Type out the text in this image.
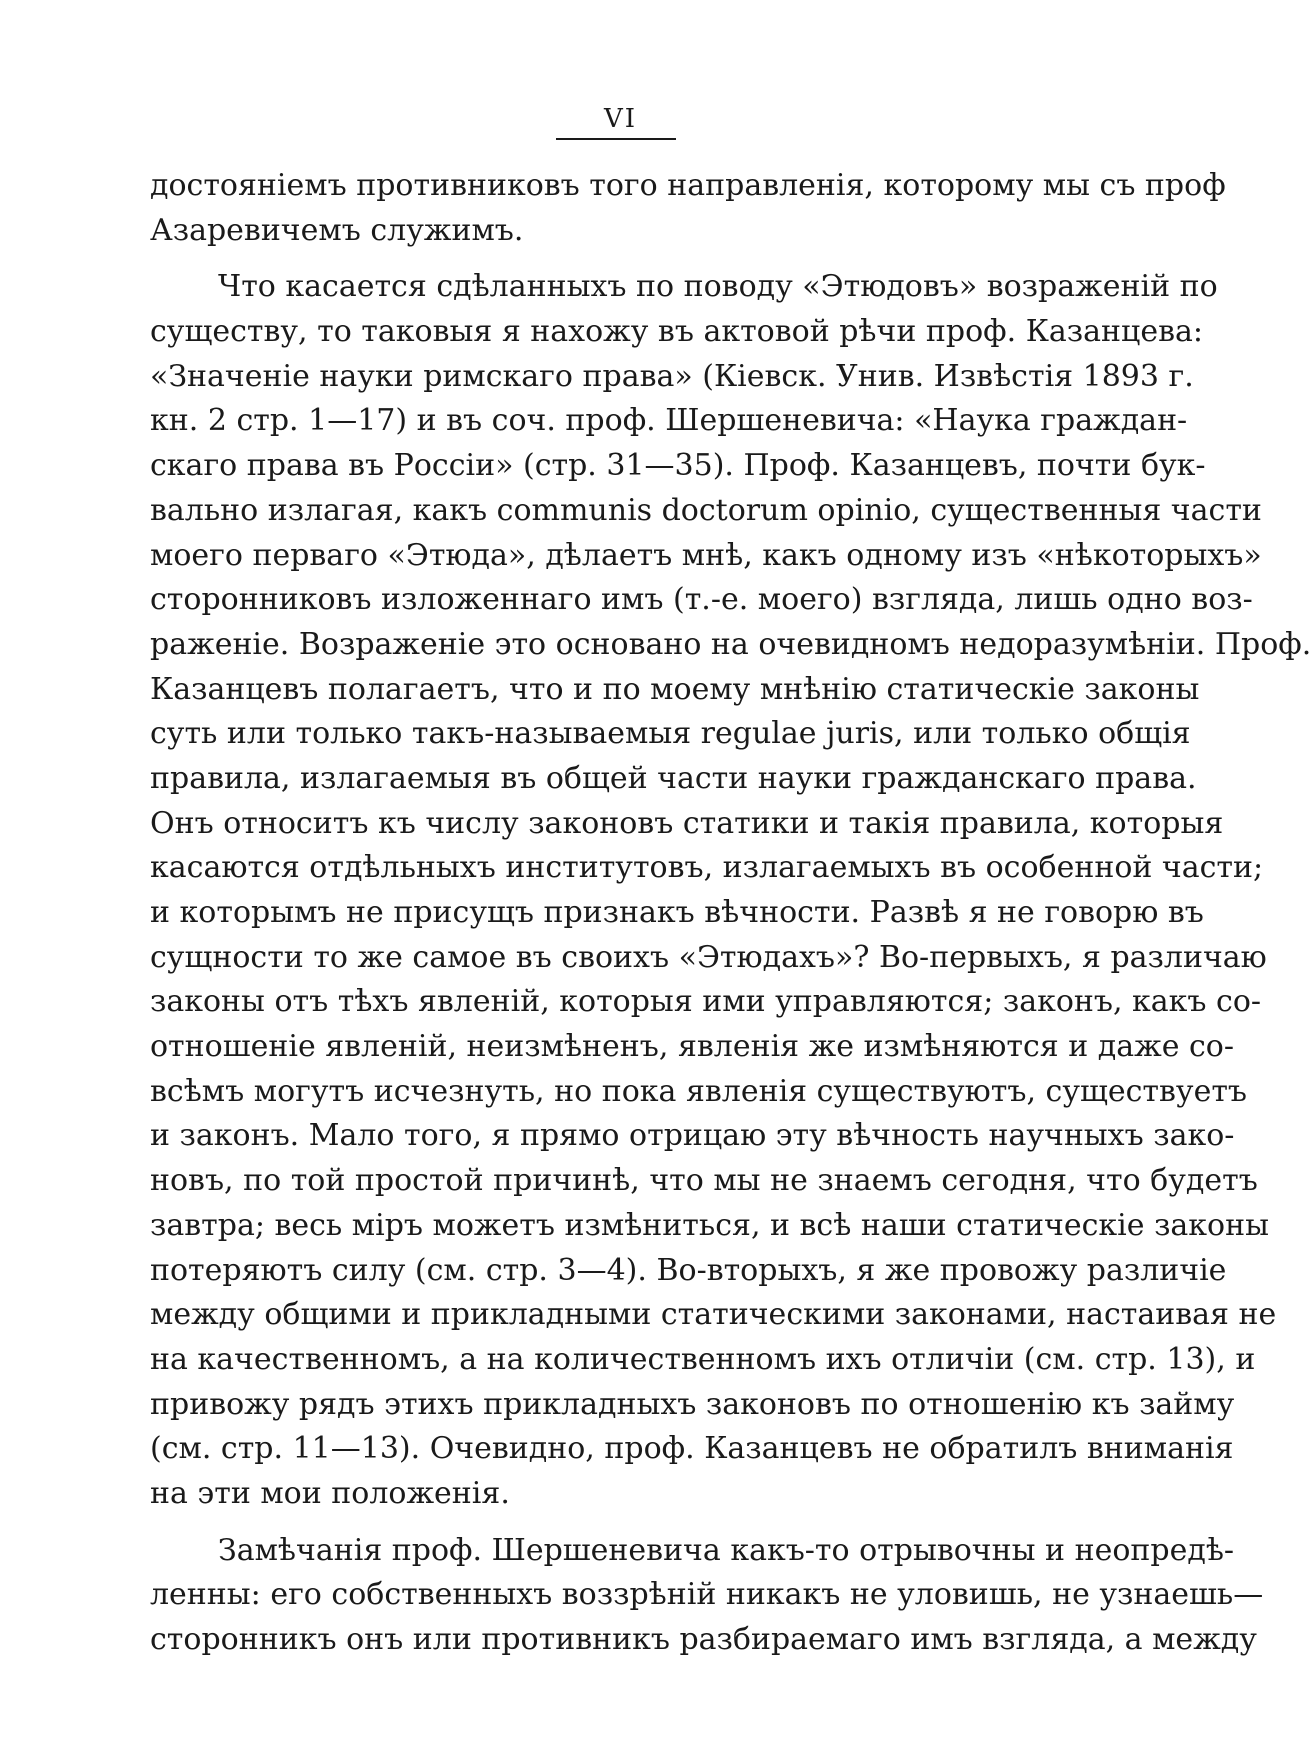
VI
достояніемъ противниковъ того направленія, которому мы съ проф
Азаревичемъ служимъ.
Что касается сдѣланныхъ по поводу «Этюдовъ» возраженій по
существу, то таковыя я нахожу въ актовой рѣчи проф. Казанцева:
«Значеніе науки римскаго права» (Кіевск. Унив. Извѣстія 1893 г.
кн. 2 стр. 1—17) и въ соч. проф. Шершеневича: «Наука граждан-
скаго права въ Россіи» (стр. 31—35). Проф. Казанцевъ, почти бук-
вально излагая, какъ communis doctorum opinio, существенныя части
моего перваго «Этюда», дѣлаетъ мнѣ, какъ одному изъ «нѣкоторыхъ»
сторонниковъ изложеннаго имъ (т.-е. моего) взгляда, лишь одно воз-
раженіе. Возраженіе это основано на очевидномъ недоразумѣніи. Проф.
Казанцевъ полагаетъ, что и по моему мнѣнію статическіе законы
суть или только такъ-называемыя regulae juris, или только общія
правила, излагаемыя въ общей части науки гражданскаго права.
Онъ относитъ къ числу законовъ статики и такія правила, которыя
касаются отдѣльныхъ институтовъ, излагаемыхъ въ особенной части;
и которымъ не присущъ признакъ вѣчности. Развѣ я не говорю въ
сущности то же самое въ своихъ «Этюдахъ»? Во-первыхъ, я различаю
законы отъ тѣхъ явленій, которыя ими управляются; законъ, какъ со-
отношеніе явленій, неизмѣненъ, явленія же измѣняются и даже со-
всѣмъ могутъ исчезнуть, но пока явленія существуютъ, существуетъ
и законъ. Мало того, я прямо отрицаю эту вѣчность научныхъ зако-
новъ, по той простой причинѣ, что мы не знаемъ сегодня, что будетъ
завтра; весь міръ можетъ измѣниться, и всѣ наши статическіе законы
потеряютъ силу (см. стр. 3—4). Во-вторыхъ, я же провожу различіе
между общими и прикладными статическими законами, настаивая не
на качественномъ, а на количественномъ ихъ отличіи (см. стр. 13), и
привожу рядъ этихъ прикладныхъ законовъ по отношенію къ займу
(см. стр. 11—13). Очевидно, проф. Казанцевъ не обратилъ вниманія
на эти мои положенія.
Замѣчанія проф. Шершеневича какъ-то отрывочны и неопредѣ-
ленны: его собственныхъ воззрѣній никакъ не уловишь, не узнаешь—
сторонникъ онъ или противникъ разбираемаго имъ взгляда, а между
